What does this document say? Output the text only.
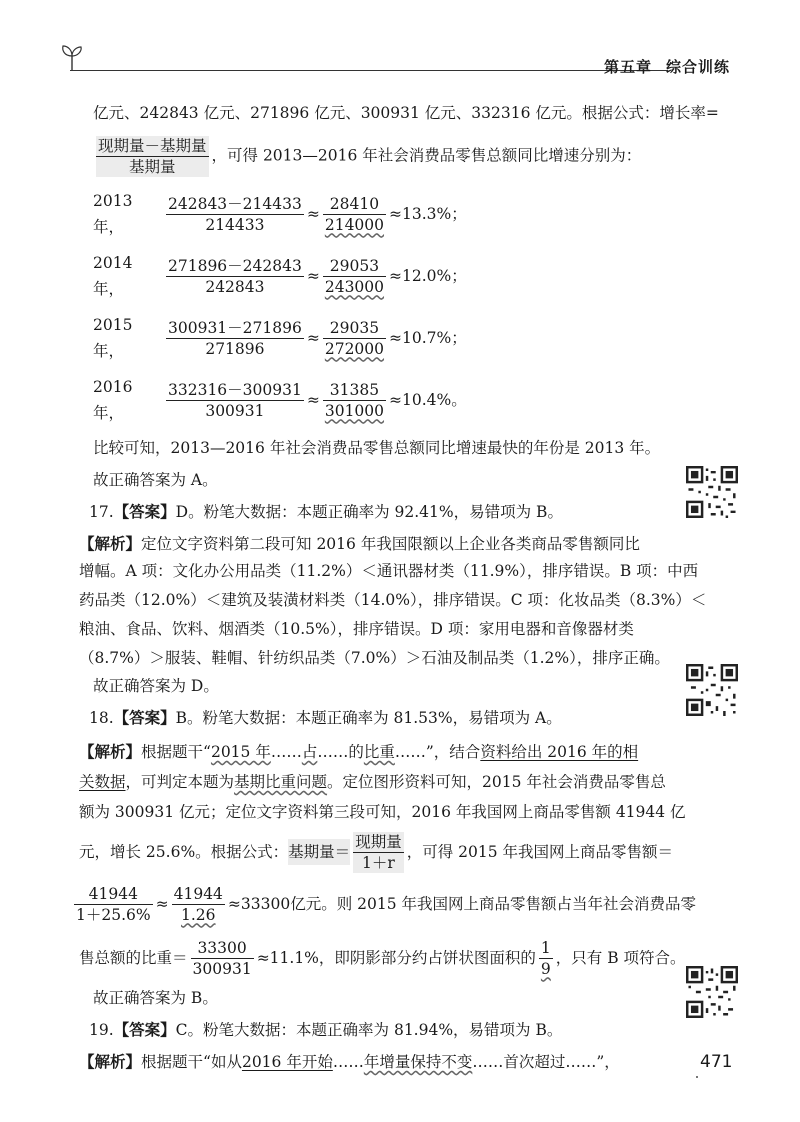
第五章 综合训练
亿元、242843 亿元、271896 亿元、300931 亿元、332316 亿元。根据公式：增长率=
$\frac{\text{现期量－基期量}}{\text{基期量}}$ ，可得 2013—2016 年社会消费品零售总额同比增速分别为：
2013 年，	$\frac{242843-214433}{214433} \approx \frac{28410}{214000} \approx 13.3\%$；
2014 年，	$\frac{271896-242843}{242843} \approx \frac{29053}{243000} \approx 12.0\%$；
2015 年，	$\frac{300931-271896}{271896} \approx \frac{29035}{272000} \approx 10.7\%$；
2016 年，	$\frac{332316-300931}{300931} \approx \frac{31385}{301000} \approx 10.4\%$。
比较可知，2013—2016 年社会消费品零售总额同比增速最快的年份是 2013 年。
故正确答案为 A。
17.【答案】D。粉笔大数据：本题正确率为 92.41%，易错项为 B。
【解析】定位文字资料第二段可知 2016 年我国限额以上企业各类商品零售额同比
增幅。A 项：文化办公用品类（11.2%）＜通讯器材类（11.9%），排序错误。B 项：中西
药品类（12.0%）＜建筑及装潢材料类（14.0%），排序错误。C 项：化妆品类（8.3%）＜
粮油、食品、饮料、烟酒类（10.5%），排序错误。D 项：家用电器和音像器材类
（8.7%）＞服装、鞋帽、针纺织品类（7.0%）＞石油及制品类（1.2%），排序正确。
故正确答案为 D。
18.【答案】B。粉笔大数据：本题正确率为 81.53%，易错项为 A。
【解析】根据题干“2015 年……占……的比重……”，结合资料给出 2016 年的相
关数据，可判定本题为基期比重问题。定位图形资料可知，2015 年社会消费品零售总
额为 300931 亿元；定位文字资料第三段可知，2016 年我国网上商品零售额 41944 亿
元，增长 25.6%。根据公式： 基期量＝ $\frac{\text{现期量}}{1+r}$ ，可得 2015 年我国网上商品零售额＝
$\frac{41944}{1+25.6\%} \approx \frac{41944}{1.26} \approx 33300$亿元。则 2015 年我国网上商品零售额占当年社会消费品零
售总额的比重＝ $\frac{33300}{300931} \approx 11.1\%$，即阴影部分约占饼状图面积的 $\frac{1}{9}$ ，只有 B 项符合。
故正确答案为 B。
19.【答案】C。粉笔大数据：本题正确率为 81.94%，易错项为 B。
【解析】根据题干“如从2016 年开始……年增量保持不变……首次超过……”，	471
